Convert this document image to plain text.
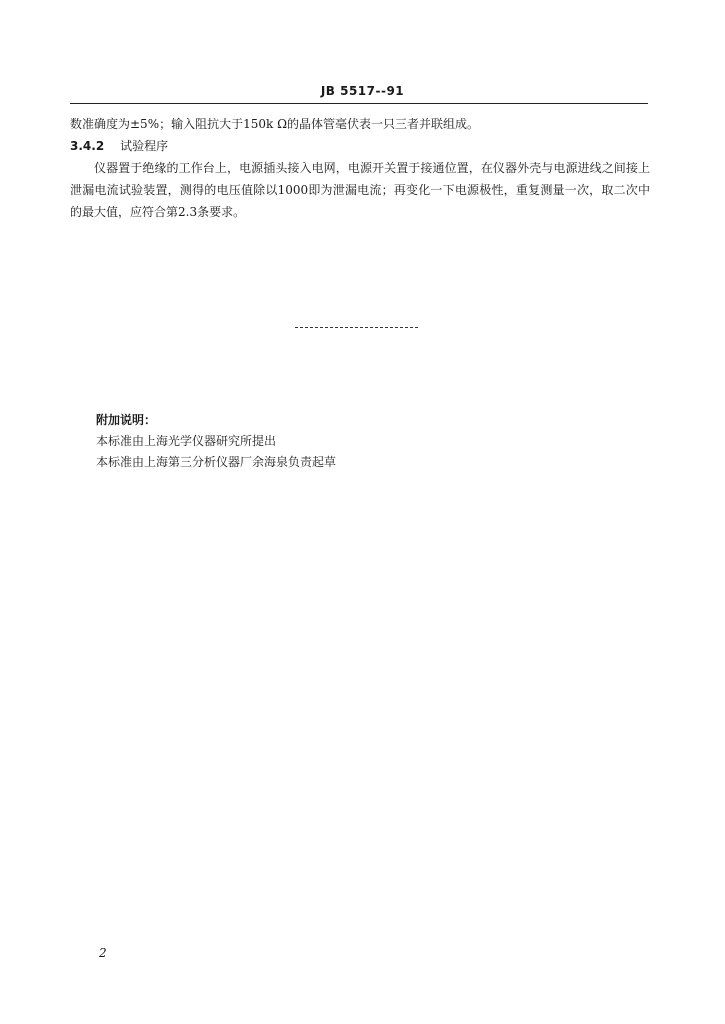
JB 5517--91
数准确度为±5%；输入阻抗大于150k Ω的晶体管毫伏表一只三者并联组成。
3.4.2 试验程序
仪器置于绝缘的工作台上，电源插头接入电网，电源开关置于接通位置，在仪器外壳与电源进线之间接上泄漏电流试验装置，测得的电压值除以1000即为泄漏电流；再变化一下电源极性，重复测量一次，取二次中的最大值，应符合第2.3条要求。
附加说明：
本标准由上海光学仪器研究所提出
本标准由上海第三分析仪器厂余海泉负责起草
2
